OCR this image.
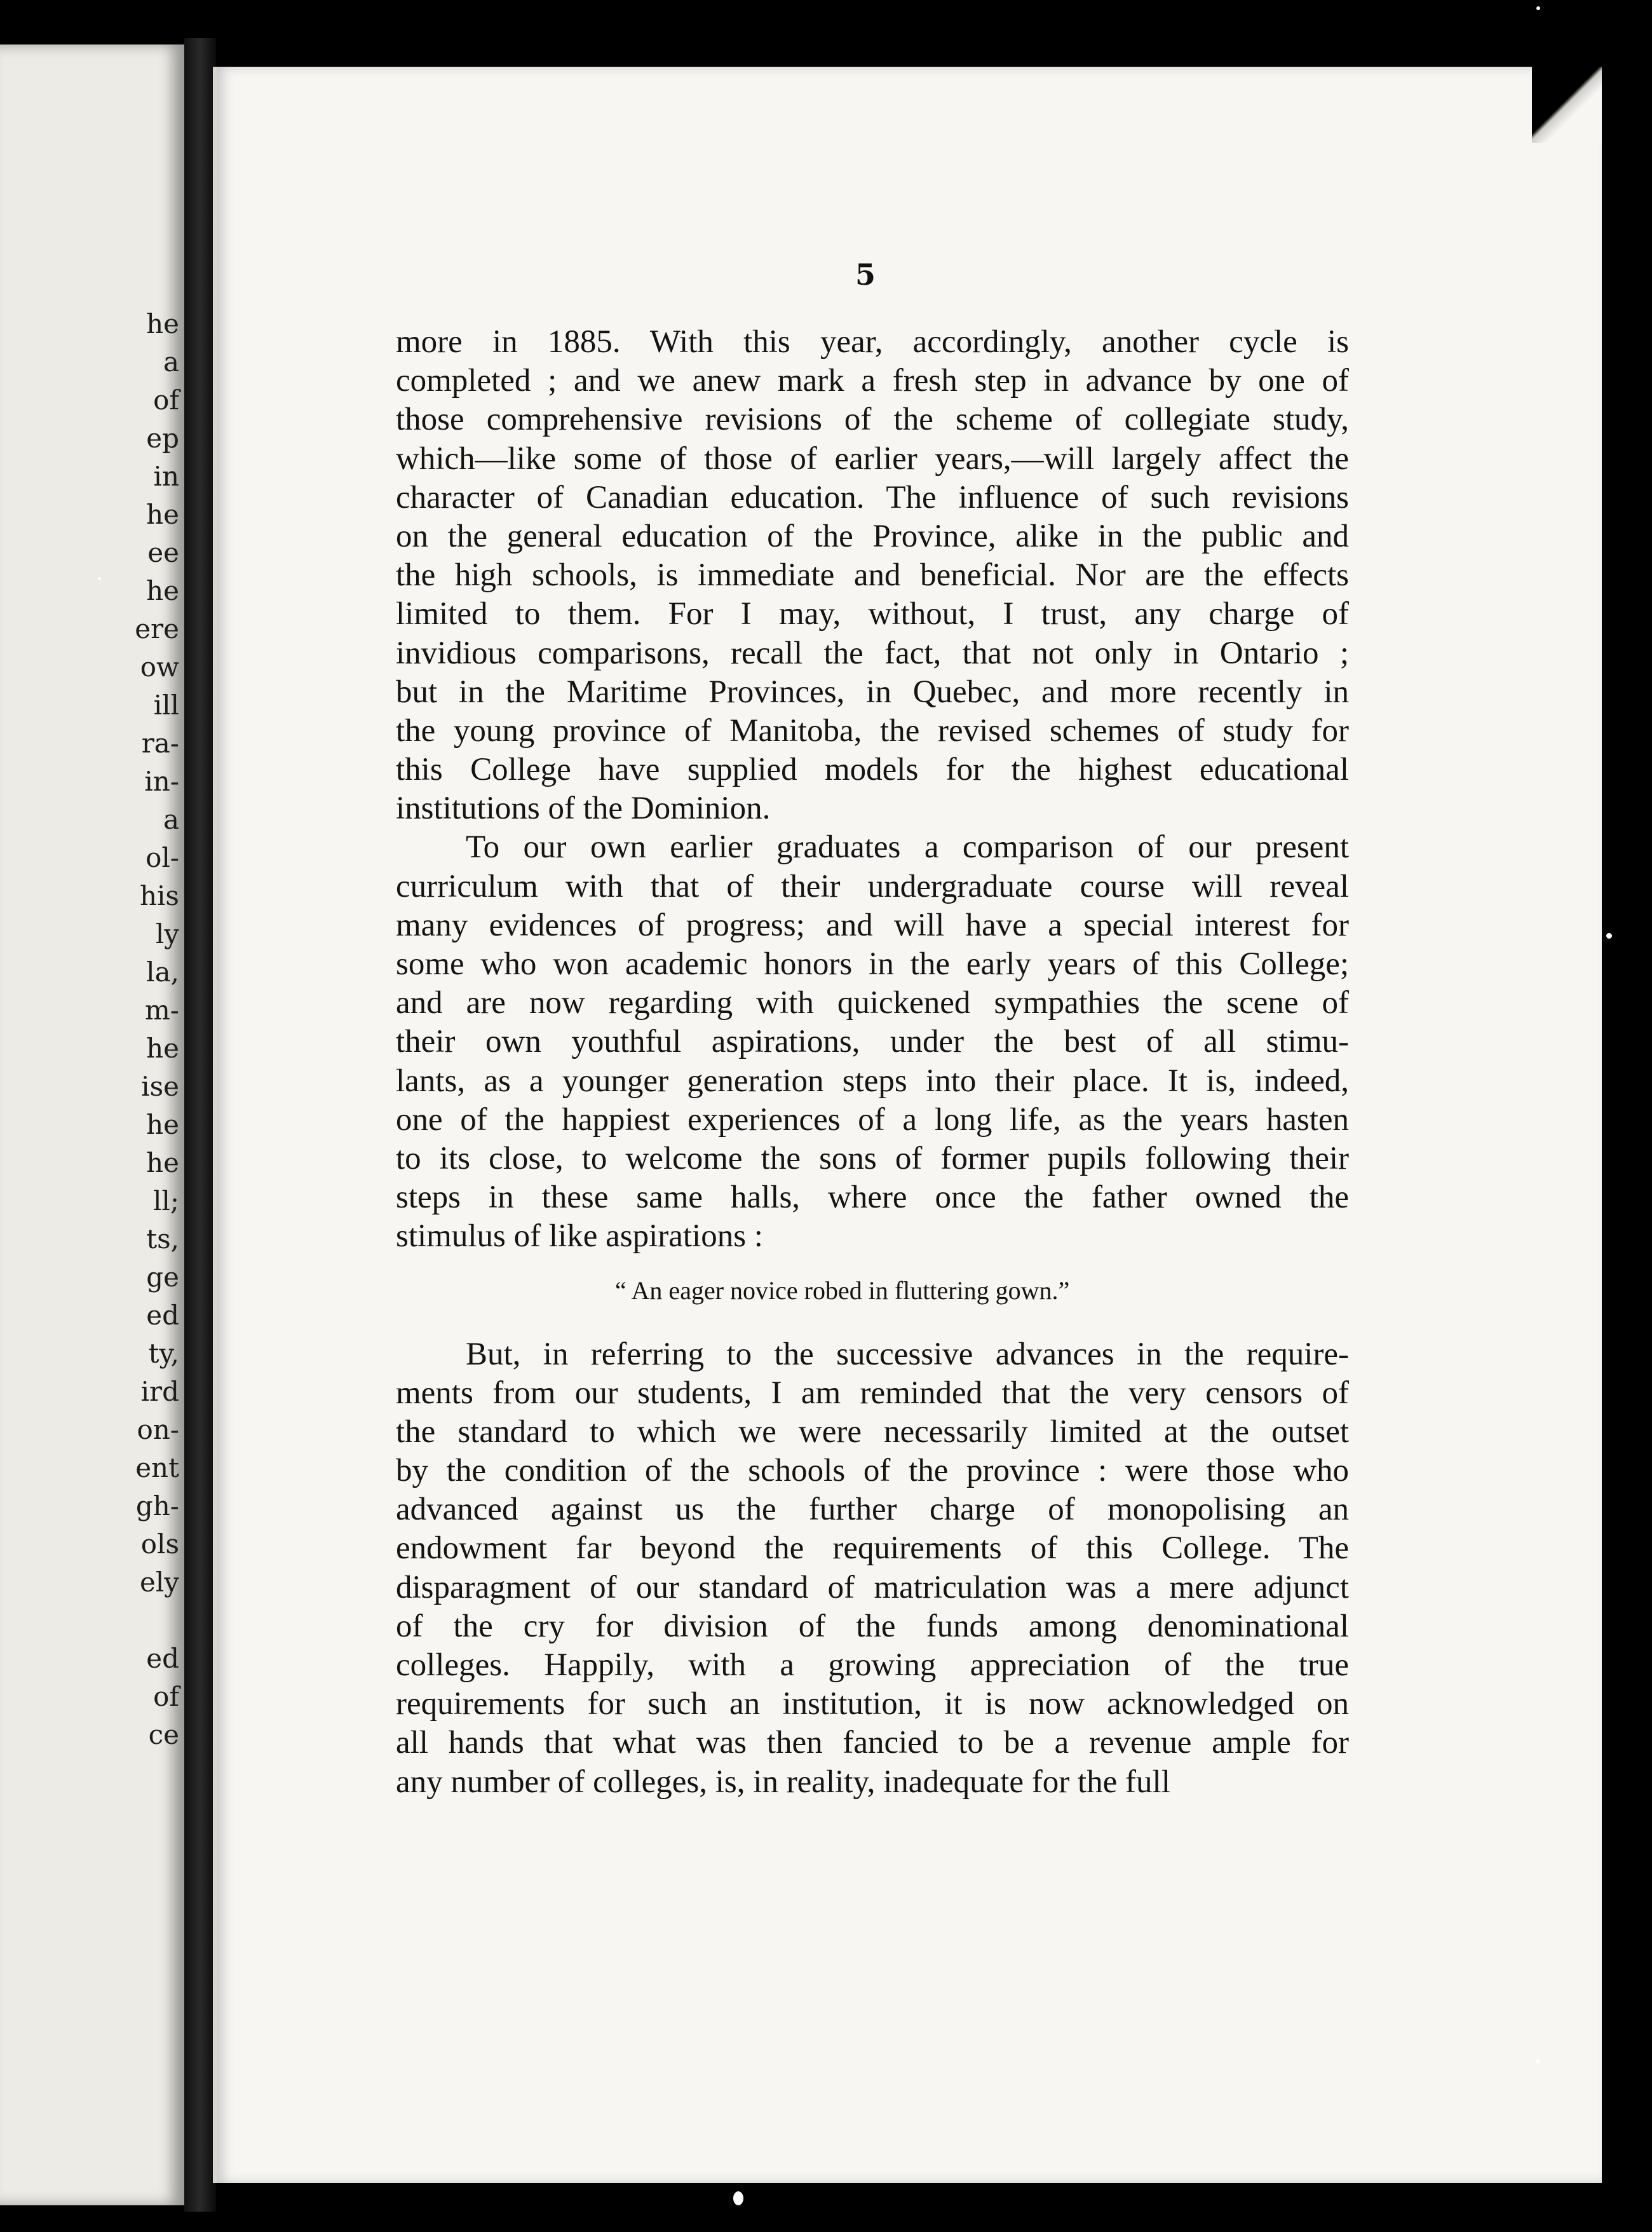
he
a
of
ep
in
he
ee
he
ere
ow
ill
ra-
in-
a
ol-
his
ly
la,
m-
he
ise
he
he
ll;
ts,
ge
ed
ty,
ird
on-
ent
gh-
ols
ely
ed
of
ce
5
more in 1885. With this year, accordingly, another cycle is
completed ; and we anew mark a fresh step in advance by one of
those comprehensive revisions of the scheme of collegiate study,
which—like some of those of earlier years,—will largely affect the
character of Canadian education. The influence of such revisions
on the general education of the Province, alike in the public and
the high schools, is immediate and beneficial. Nor are the effects
limited to them. For I may, without, I trust, any charge of
invidious comparisons, recall the fact, that not only in Ontario ;
but in the Maritime Provinces, in Quebec, and more recently in
the young province of Manitoba, the revised schemes of study for
this College have supplied models for the highest educational
institutions of the Dominion.
To our own earlier graduates a comparison of our present
curriculum with that of their undergraduate course will reveal
many evidences of progress; and will have a special interest for
some who won academic honors in the early years of this College;
and are now regarding with quickened sympathies the scene of
their own youthful aspirations, under the best of all stimu-
lants, as a younger generation steps into their place. It is, indeed,
one of the happiest experiences of a long life, as the years hasten
to its close, to welcome the sons of former pupils following their
steps in these same halls, where once the father owned the
stimulus of like aspirations :
“ An eager novice robed in fluttering gown.”
But, in referring to the successive advances in the require-
ments from our students, I am reminded that the very censors of
the standard to which we were necessarily limited at the outset
by the condition of the schools of the province : were those who
advanced against us the further charge of monopolising an
endowment far beyond the requirements of this College. The
disparagment of our standard of matriculation was a mere adjunct
of the cry for division of the funds among denominational
colleges. Happily, with a growing appreciation of the true
requirements for such an institution, it is now acknowledged on
all hands that what was then fancied to be a revenue ample for
any number of colleges, is, in reality, inadequate for the full
